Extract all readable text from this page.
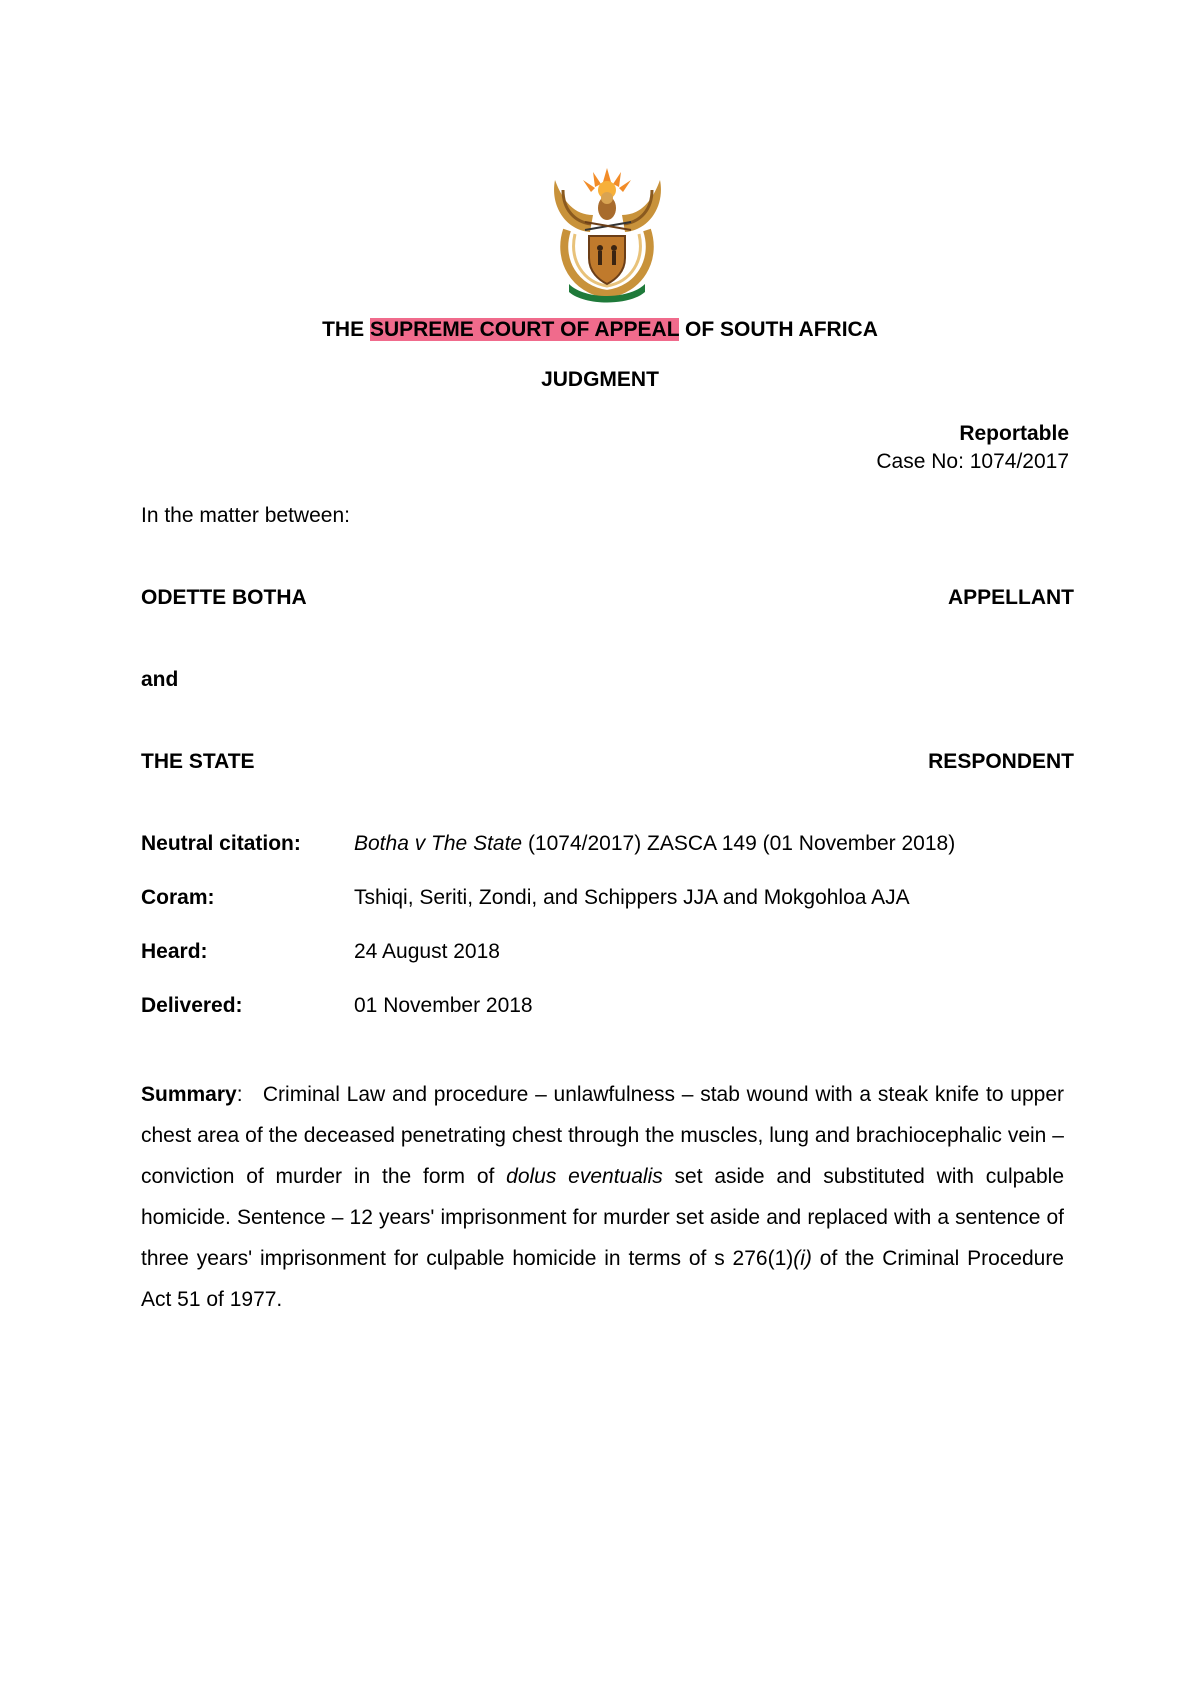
THE SUPREME COURT OF APPEAL OF SOUTH AFRICA
JUDGMENT
Reportable
Case No: 1074/2017
In the matter between:
ODETTE BOTHA	APPELLANT
and
THE STATE	RESPONDENT
Neutral citation:	Botha v The State (1074/2017) ZASCA 149 (01 November 2018)
Coram:	Tshiqi, Seriti, Zondi, and Schippers JJA and Mokgohloa AJA
Heard:	24 August 2018
Delivered:	01 November 2018
Summary:   Criminal Law and procedure – unlawfulness – stab wound with a steak knife to upper chest area of the deceased penetrating chest through the muscles, lung and brachiocephalic vein – conviction of murder in the form of dolus eventualis set aside and substituted with culpable homicide. Sentence – 12 years' imprisonment for murder set aside and replaced with a sentence of three years' imprisonment for culpable homicide in terms of s 276(1)(i) of the Criminal Procedure Act 51 of 1977.
